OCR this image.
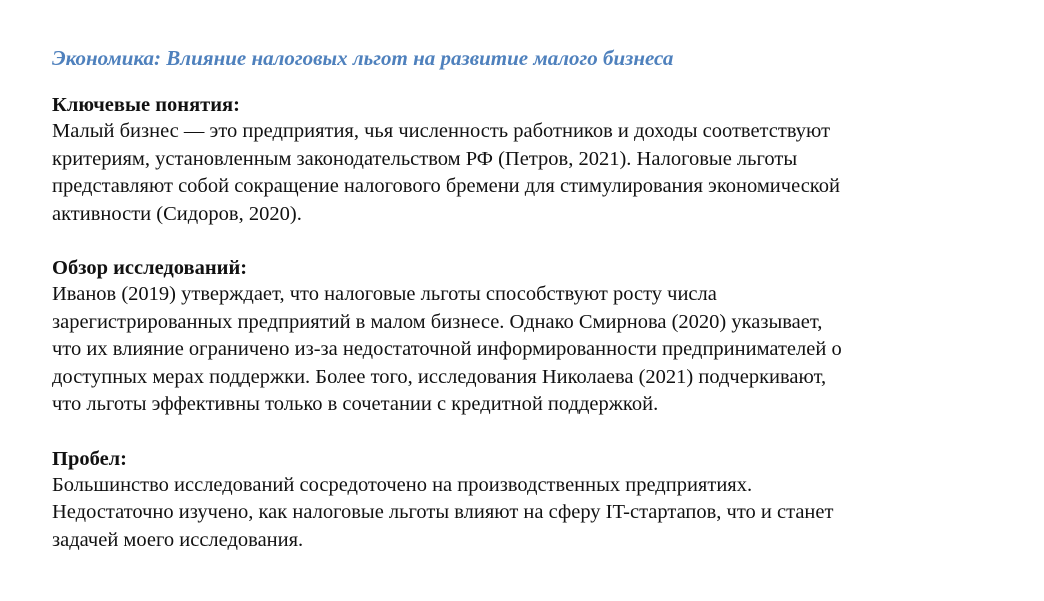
Экономика: Влияние налоговых льгот на развитие малого бизнеса
Ключевые понятия:
Малый бизнес — это предприятия, чья численность работников и доходы соответствуют
критериям, установленным законодательством РФ (Петров, 2021). Налоговые льготы
представляют собой сокращение налогового бремени для стимулирования экономической
активности (Сидоров, 2020).
Обзор исследований:
Иванов (2019) утверждает, что налоговые льготы способствуют росту числа
зарегистрированных предприятий в малом бизнесе. Однако Смирнова (2020) указывает,
что их влияние ограничено из-за недостаточной информированности предпринимателей о
доступных мерах поддержки. Более того, исследования Николаева (2021) подчеркивают,
что льготы эффективны только в сочетании с кредитной поддержкой.
Пробел:
Большинство исследований сосредоточено на производственных предприятиях.
Недостаточно изучено, как налоговые льготы влияют на сферу IT-стартапов, что и станет
задачей моего исследования.
